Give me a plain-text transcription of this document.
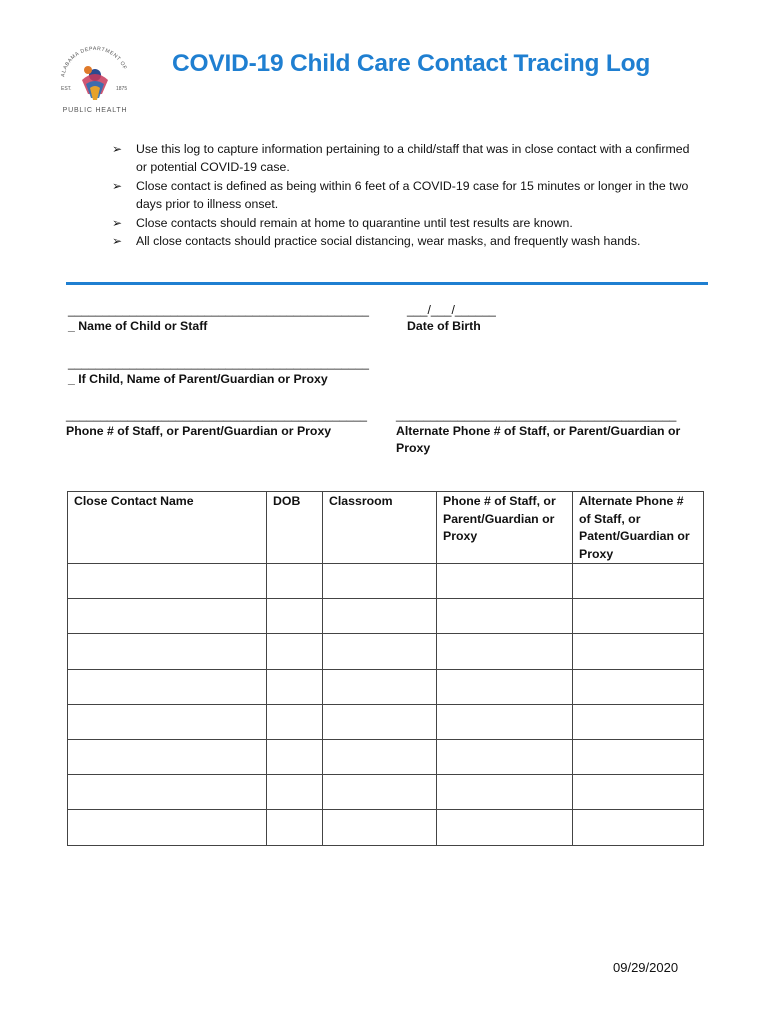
ALABAMA DEPARTMENT OF
EST.	1875
PUBLIC HEALTH
COVID-19 Child Care Contact Tracing Log
➢ Use this log to capture information pertaining to a child/staff that was in close contact with a confirmed or potential COVID-19 case.
➢ Close contact is defined as being within 6 feet of a COVID-19 case for 15 minutes or longer in the two days prior to illness onset.
➢ Close contacts should remain at home to quarantine until test results are known.
➢ All close contacts should practice social distancing, wear masks, and frequently wash hands.
____________________________________________
_ Name of Child or Staff
___/___/______
Date of Birth
____________________________________________
_ If Child, Name of Parent/Guardian or Proxy
____________________________________________
Phone # of Staff, or Parent/Guardian or Proxy
_________________________________________
Alternate Phone # of Staff, or Parent/Guardian or Proxy
Close Contact Name	DOB	Classroom	Phone # of Staff, or Parent/Guardian or Proxy	Alternate Phone # of Staff, or Patent/Guardian or Proxy

09/29/2020
